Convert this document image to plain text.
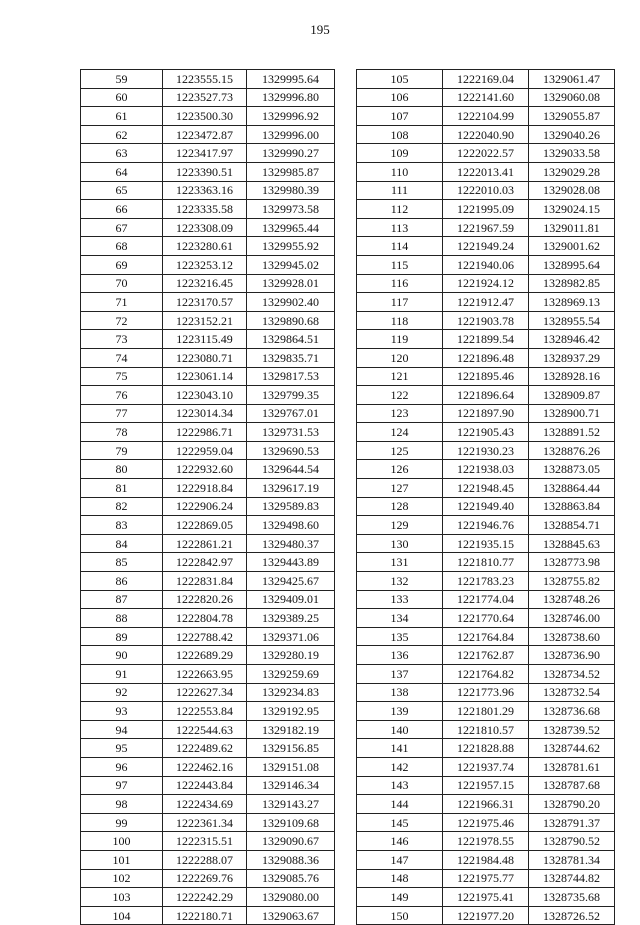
195
59	1223555.15	1329995.64
60	1223527.73	1329996.80
61	1223500.30	1329996.92
62	1223472.87	1329996.00
63	1223417.97	1329990.27
64	1223390.51	1329985.87
65	1223363.16	1329980.39
66	1223335.58	1329973.58
67	1223308.09	1329965.44
68	1223280.61	1329955.92
69	1223253.12	1329945.02
70	1223216.45	1329928.01
71	1223170.57	1329902.40
72	1223152.21	1329890.68
73	1223115.49	1329864.51
74	1223080.71	1329835.71
75	1223061.14	1329817.53
76	1223043.10	1329799.35
77	1223014.34	1329767.01
78	1222986.71	1329731.53
79	1222959.04	1329690.53
80	1222932.60	1329644.54
81	1222918.84	1329617.19
82	1222906.24	1329589.83
83	1222869.05	1329498.60
84	1222861.21	1329480.37
85	1222842.97	1329443.89
86	1222831.84	1329425.67
87	1222820.26	1329409.01
88	1222804.78	1329389.25
89	1222788.42	1329371.06
90	1222689.29	1329280.19
91	1222663.95	1329259.69
92	1222627.34	1329234.83
93	1222553.84	1329192.95
94	1222544.63	1329182.19
95	1222489.62	1329156.85
96	1222462.16	1329151.08
97	1222443.84	1329146.34
98	1222434.69	1329143.27
99	1222361.34	1329109.68
100	1222315.51	1329090.67
101	1222288.07	1329088.36
102	1222269.76	1329085.76
103	1222242.29	1329080.00
104	1222180.71	1329063.67
105	1222169.04	1329061.47
106	1222141.60	1329060.08
107	1222104.99	1329055.87
108	1222040.90	1329040.26
109	1222022.57	1329033.58
110	1222013.41	1329029.28
111	1222010.03	1329028.08
112	1221995.09	1329024.15
113	1221967.59	1329011.81
114	1221949.24	1329001.62
115	1221940.06	1328995.64
116	1221924.12	1328982.85
117	1221912.47	1328969.13
118	1221903.78	1328955.54
119	1221899.54	1328946.42
120	1221896.48	1328937.29
121	1221895.46	1328928.16
122	1221896.64	1328909.87
123	1221897.90	1328900.71
124	1221905.43	1328891.52
125	1221930.23	1328876.26
126	1221938.03	1328873.05
127	1221948.45	1328864.44
128	1221949.40	1328863.84
129	1221946.76	1328854.71
130	1221935.15	1328845.63
131	1221810.77	1328773.98
132	1221783.23	1328755.82
133	1221774.04	1328748.26
134	1221770.64	1328746.00
135	1221764.84	1328738.60
136	1221762.87	1328736.90
137	1221764.82	1328734.52
138	1221773.96	1328732.54
139	1221801.29	1328736.68
140	1221810.57	1328739.52
141	1221828.88	1328744.62
142	1221937.74	1328781.61
143	1221957.15	1328787.68
144	1221966.31	1328790.20
145	1221975.46	1328791.37
146	1221978.55	1328790.52
147	1221984.48	1328781.34
148	1221975.77	1328744.82
149	1221975.41	1328735.68
150	1221977.20	1328726.52
